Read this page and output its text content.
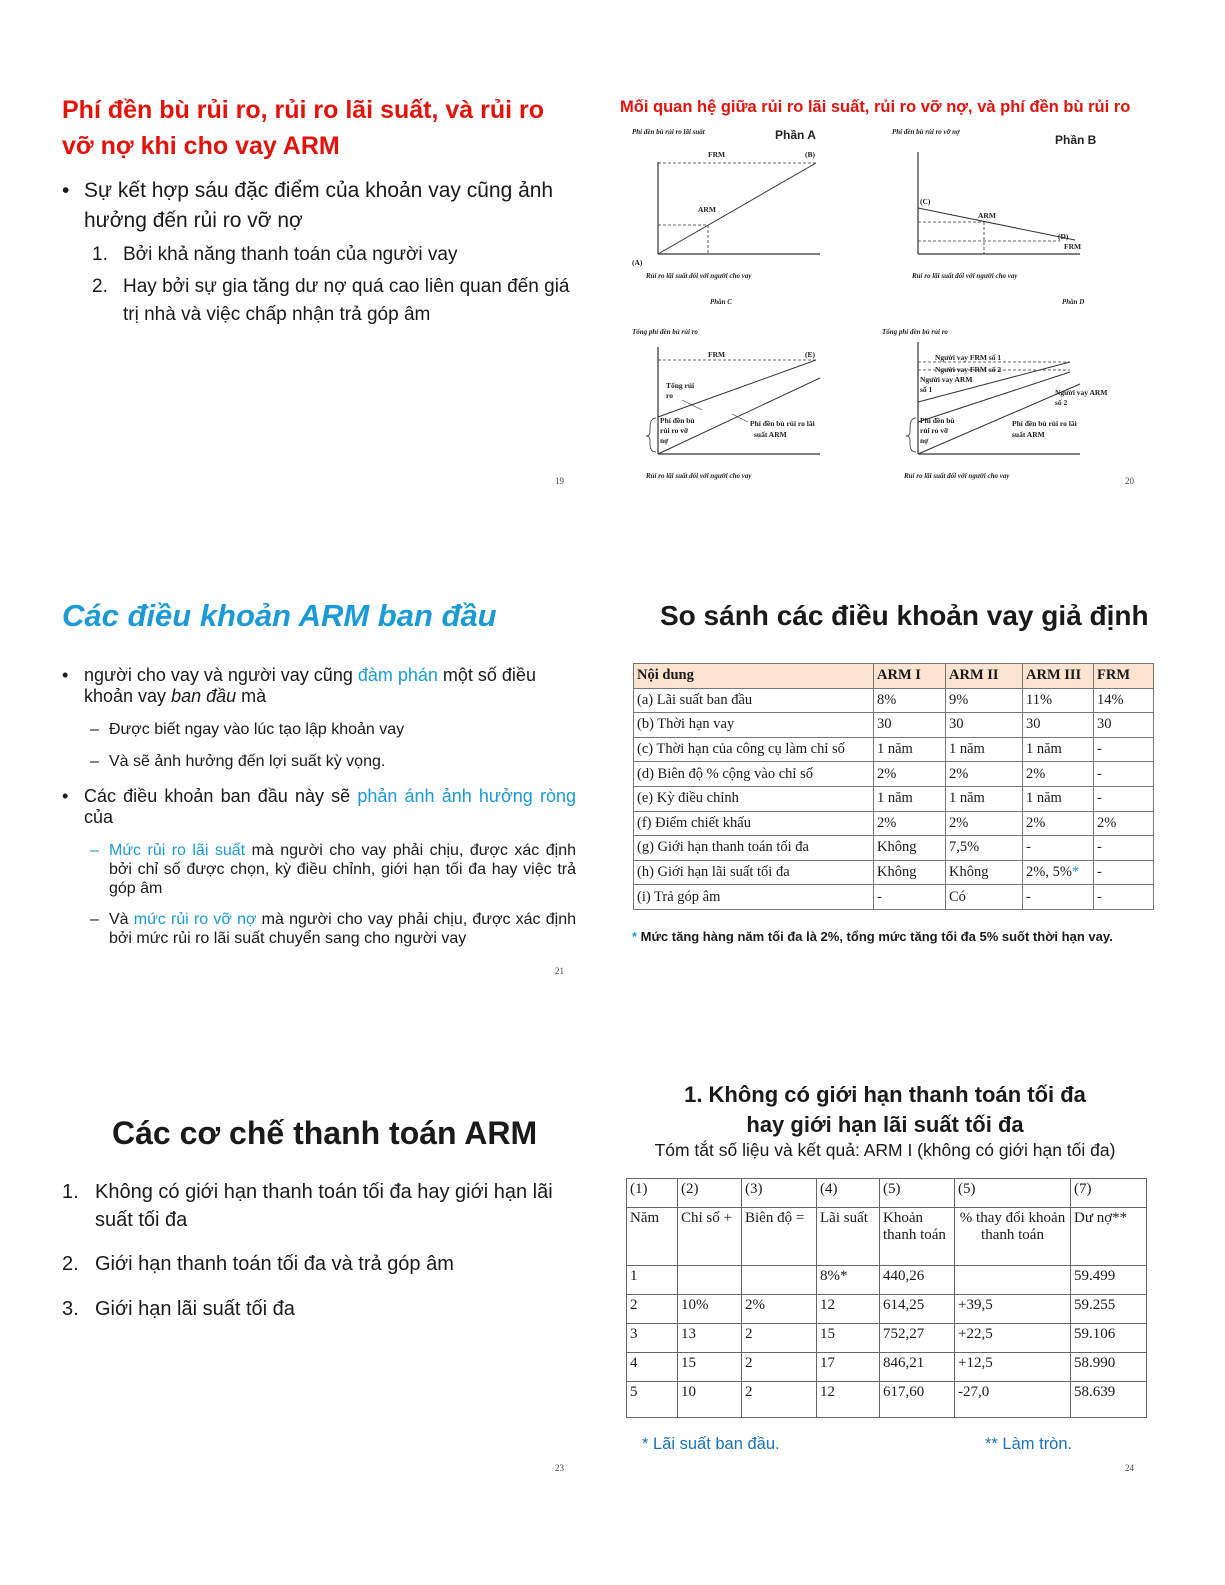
Phí đền bù rủi ro, rủi ro lãi suất, và rủi ro vỡ nợ khi cho vay ARM
• Sự kết hợp sáu đặc điểm của khoản vay cũng ảnh hưởng đến rủi ro vỡ nợ
1. Bởi khả năng thanh toán của người vay
2. Hay bởi sự gia tăng dư nợ quá cao liên quan đến giá trị nhà và việc chấp nhận trả góp âm
19
Mối quan hệ giữa rủi ro lãi suất, rủi ro vỡ nợ, và phí đền bù rủi ro
Phí đền bù rủi ro lãi suất	Phần A
FRM	(B)
ARM
(A)
Rủi ro lãi suất đối với người cho vay
Phí đền bù rủi ro vỡ nợ
Phần B
(C)
ARM
(D)
FRM
Rủi ro lãi suất đối với người cho vay
Phần C	Phần D
Tổng phí đền bù rủi ro
FRM	(E)
Tổng rủi
ro
Phí đền bù
rủi ro vỡ
nợ
Phí đền bù rủi ro lãi
suất ARM
Rủi ro lãi suất đối với người cho vay
Tổng phí đền bù rủi ro
Người vay FRM số 1
Người vay FRM số 2
Người vay ARM
số 1	Người vay ARM
số 2
Phí đền bù
rủi ro vỡ
nợ
Phí đền bù rủi ro lãi
suất ARM
Rủi ro lãi suất đối với người cho vay	20
Các điều khoản ARM ban đầu
• người cho vay và người vay cũng đàm phán một số điều khoản vay ban đầu mà
– Được biết ngay vào lúc tạo lập khoản vay
– Và sẽ ảnh hưởng đến lợi suất kỳ vọng.
• Các điều khoản ban đầu này sẽ phản ánh ảnh hưởng ròng của
– Mức rủi ro lãi suất mà người cho vay phải chịu, được xác định bởi chỉ số được chọn, kỳ điều chỉnh, giới hạn tối đa hay việc trả góp âm
– Và mức rủi ro vỡ nợ mà người cho vay phải chịu, được xác định bởi mức rủi ro lãi suất chuyển sang cho người vay
21
So sánh các điều khoản vay giả định
Nội dung	ARM I	ARM II	ARM III	FRM
(a) Lãi suất ban đầu	8%	9%	11%	14%
(b) Thời hạn vay	30	30	30	30
(c) Thời hạn của công cụ làm chỉ số	1 năm	1 năm	1 năm	-
(d) Biên độ % cộng vào chỉ số	2%	2%	2%	-
(e) Kỳ điều chỉnh	1 năm	1 năm	1 năm	-
(f) Điểm chiết khấu	2%	2%	2%	2%
(g) Giới hạn thanh toán tối đa	Không	7,5%	-	-
(h) Giới hạn lãi suất tối đa	Không	Không	2%, 5%*	-
(i) Trả góp âm	-	Có	-	-
* Mức tăng hàng năm tối đa là 2%, tổng mức tăng tối đa 5% suốt thời hạn vay.
Các cơ chế thanh toán ARM
1. Không có giới hạn thanh toán tối đa hay giới hạn lãi suất tối đa
2. Giới hạn thanh toán tối đa và trả góp âm
3. Giới hạn lãi suất tối đa
23
1. Không có giới hạn thanh toán tối đa
hay giới hạn lãi suất tối đa
Tóm tắt số liệu và kết quả: ARM I (không có giới hạn tối đa)
(1)	(2)	(3)	(4)	(5)	(5)	(7)
Năm	Chỉ số +	Biên độ =	Lãi suất	Khoản thanh toán	% thay đổi khoản thanh toán	Dư nợ**
1			8%*	440,26		59.499
2	10%	2%	12	614,25	+39,5	59.255
3	13	2	15	752,27	+22,5	59.106
4	15	2	17	846,21	+12,5	58.990
5	10	2	12	617,60	-27,0	58.639
* Lãi suất ban đầu.	** Làm tròn.
24
